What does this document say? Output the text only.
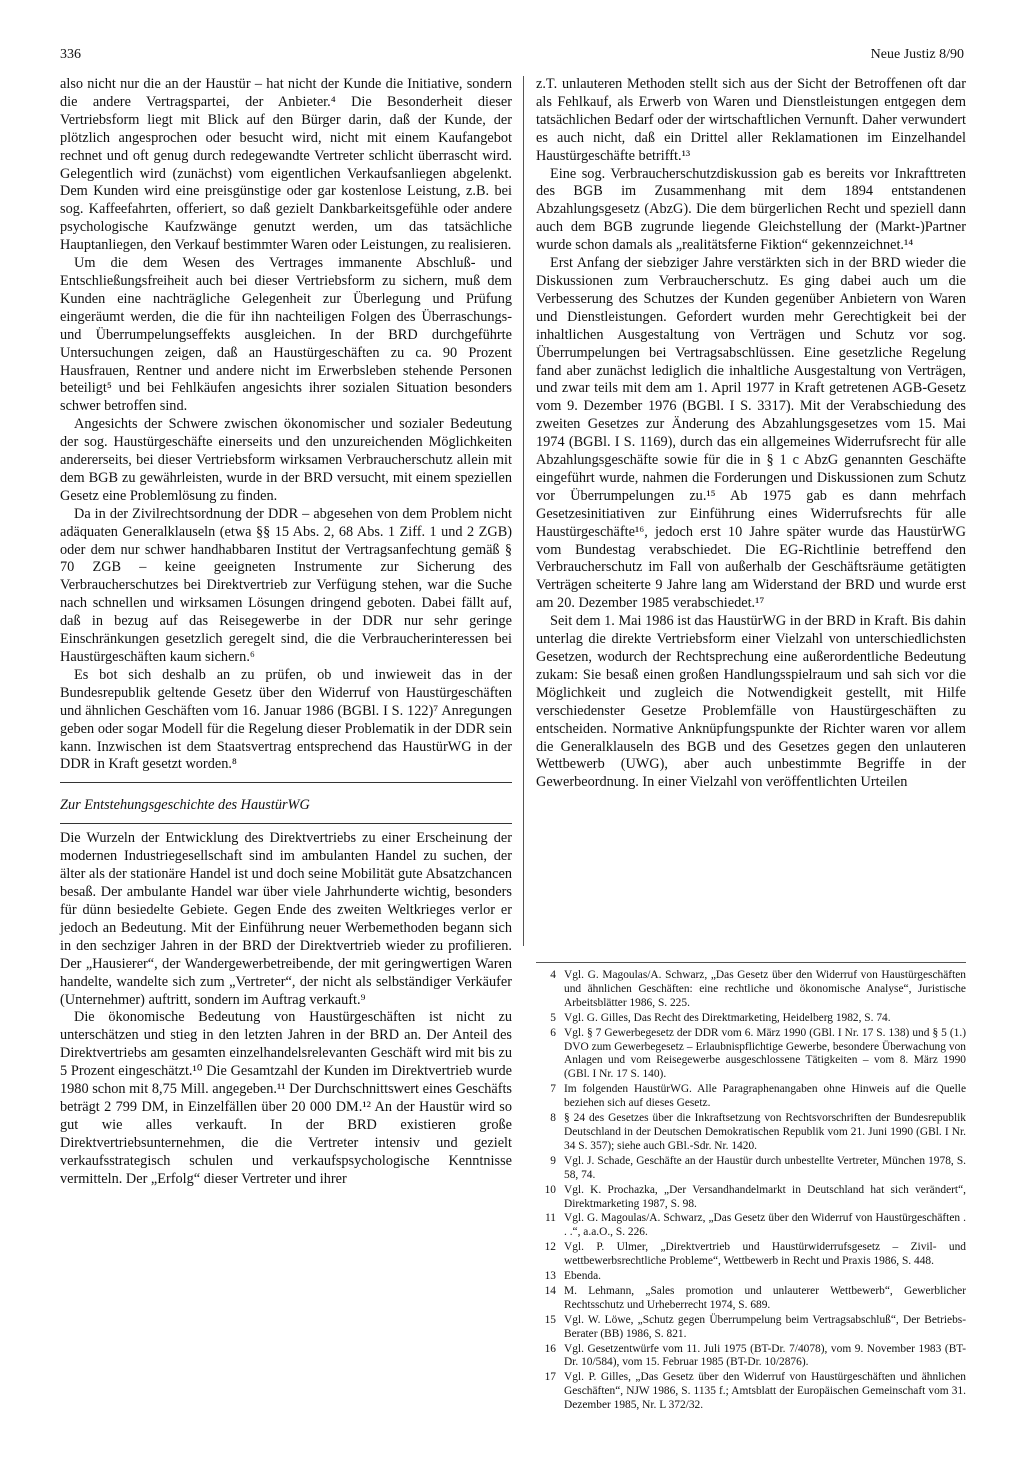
336	Neue Justiz 8/90

also nicht nur die an der Haustür – hat nicht der Kunde die Initiative, sondern die andere Vertragspartei, der Anbieter.⁴ Die Besonderheit dieser Vertriebsform liegt mit Blick auf den Bürger darin, daß der Kunde, der plötzlich angesprochen oder besucht wird, nicht mit einem Kaufangebot rechnet und oft genug durch redegewandte Vertreter schlicht überrascht wird. Gelegentlich wird (zunächst) vom eigentlichen Verkaufsanliegen abgelenkt. Dem Kunden wird eine preisgünstige oder gar kostenlose Leistung, z.B. bei sog. Kaffeefahrten, offeriert, so daß gezielt Dankbarkeitsgefühle oder andere psychologische Kaufzwänge genutzt werden, um das tatsächliche Hauptanliegen, den Verkauf bestimmter Waren oder Leistungen, zu realisieren.

Um die dem Wesen des Vertrages immanente Abschluß- und Entschließungsfreiheit auch bei dieser Vertriebsform zu sichern, muß dem Kunden eine nachträgliche Gelegenheit zur Überlegung und Prüfung eingeräumt werden, die die für ihn nachteiligen Folgen des Überraschungs- und Überrumpelungseffekts ausgleichen. In der BRD durchgeführte Untersuchungen zeigen, daß an Haustürgeschäften zu ca. 90 Prozent Hausfrauen, Rentner und andere nicht im Erwerbsleben stehende Personen beteiligt⁵ und bei Fehlkäufen angesichts ihrer sozialen Situation besonders schwer betroffen sind.

Angesichts der Schwere zwischen ökonomischer und sozialer Bedeutung der sog. Haustürgeschäfte einerseits und den unzureichenden Möglichkeiten andererseits, bei dieser Vertriebsform wirksamen Verbraucherschutz allein mit dem BGB zu gewährleisten, wurde in der BRD versucht, mit einem speziellen Gesetz eine Problemlösung zu finden.

Da in der Zivilrechtsordnung der DDR – abgesehen von dem Problem nicht adäquaten Generalklauseln (etwa §§ 15 Abs. 2, 68 Abs. 1 Ziff. 1 und 2 ZGB) oder dem nur schwer handhabbaren Institut der Vertragsanfechtung gemäß § 70 ZGB – keine geeigneten Instrumente zur Sicherung des Verbraucherschutzes bei Direktvertrieb zur Verfügung stehen, war die Suche nach schnellen und wirksamen Lösungen dringend geboten. Dabei fällt auf, daß in bezug auf das Reisegewerbe in der DDR nur sehr geringe Einschränkungen gesetzlich geregelt sind, die die Verbraucherinteressen bei Haustürgeschäften kaum sichern.⁶

Es bot sich deshalb an zu prüfen, ob und inwieweit das in der Bundesrepublik geltende Gesetz über den Widerruf von Haustürgeschäften und ähnlichen Geschäften vom 16. Januar 1986 (BGBl. I S. 122)⁷ Anregungen geben oder sogar Modell für die Regelung dieser Problematik in der DDR sein kann. Inzwischen ist dem Staatsvertrag entsprechend das HaustürWG in der DDR in Kraft gesetzt worden.⁸

Zur Entstehungsgeschichte des HaustürWG

Die Wurzeln der Entwicklung des Direktvertriebs zu einer Erscheinung der modernen Industriegesellschaft sind im ambulanten Handel zu suchen, der älter als der stationäre Handel ist und doch seine Mobilität gute Absatzchancen besaß. Der ambulante Handel war über viele Jahrhunderte wichtig, besonders für dünn besiedelte Gebiete. Gegen Ende des zweiten Weltkrieges verlor er jedoch an Bedeutung. Mit der Einführung neuer Werbemethoden begann sich in den sechziger Jahren in der BRD der Direktvertrieb wieder zu profilieren. Der „Hausierer“, der Wandergewerbetreibende, der mit geringwertigen Waren handelte, wandelte sich zum „Vertreter“, der nicht als selbständiger Verkäufer (Unternehmer) auftritt, sondern im Auftrag verkauft.⁹

Die ökonomische Bedeutung von Haustürgeschäften ist nicht zu unterschätzen und stieg in den letzten Jahren in der BRD an. Der Anteil des Direktvertriebs am gesamten einzelhandelsrelevanten Geschäft wird mit bis zu 5 Prozent eingeschätzt.¹⁰ Die Gesamtzahl der Kunden im Direktvertrieb wurde 1980 schon mit 8,75 Mill. angegeben.¹¹ Der Durchschnittswert eines Geschäfts beträgt 2 799 DM, in Einzelfällen über 20 000 DM.¹² An der Haustür wird so gut wie alles verkauft. In der BRD existieren große Direktvertriebsunternehmen, die die Vertreter intensiv und gezielt verkaufsstrategisch schulen und verkaufspsychologische Kenntnisse vermitteln. Der „Erfolg“ dieser Vertreter und ihrer

z.T. unlauteren Methoden stellt sich aus der Sicht der Betroffenen oft dar als Fehlkauf, als Erwerb von Waren und Dienstleistungen entgegen dem tatsächlichen Bedarf oder der wirtschaftlichen Vernunft. Daher verwundert es auch nicht, daß ein Drittel aller Reklamationen im Einzelhandel Haustürgeschäfte betrifft.¹³

Eine sog. Verbraucherschutzdiskussion gab es bereits vor Inkrafttreten des BGB im Zusammenhang mit dem 1894 entstandenen Abzahlungsgesetz (AbzG). Die dem bürgerlichen Recht und speziell dann auch dem BGB zugrunde liegende Gleichstellung der (Markt-)Partner wurde schon damals als „realitätsferne Fiktion“ gekennzeichnet.¹⁴

Erst Anfang der siebziger Jahre verstärkten sich in der BRD wieder die Diskussionen zum Verbraucherschutz. Es ging dabei auch um die Verbesserung des Schutzes der Kunden gegenüber Anbietern von Waren und Dienstleistungen. Gefordert wurden mehr Gerechtigkeit bei der inhaltlichen Ausgestaltung von Verträgen und Schutz vor sog. Überrumpelungen bei Vertragsabschlüssen. Eine gesetzliche Regelung fand aber zunächst lediglich die inhaltliche Ausgestaltung von Verträgen, und zwar teils mit dem am 1. April 1977 in Kraft getretenen AGB-Gesetz vom 9. Dezember 1976 (BGBl. I S. 3317). Mit der Verabschiedung des zweiten Gesetzes zur Änderung des Abzahlungsgesetzes vom 15. Mai 1974 (BGBl. I S. 1169), durch das ein allgemeines Widerrufsrecht für alle Abzahlungsgeschäfte sowie für die in § 1 c AbzG genannten Geschäfte eingeführt wurde, nahmen die Forderungen und Diskussionen zum Schutz vor Überrumpelungen zu.¹⁵ Ab 1975 gab es dann mehrfach Gesetzesinitiativen zur Einführung eines Widerrufsrechts für alle Haustürgeschäfte¹⁶, jedoch erst 10 Jahre später wurde das HaustürWG vom Bundestag verabschiedet. Die EG-Richtlinie betreffend den Verbraucherschutz im Fall von außerhalb der Geschäftsräume getätigten Verträgen scheiterte 9 Jahre lang am Widerstand der BRD und wurde erst am 20. Dezember 1985 verabschiedet.¹⁷

Seit dem 1. Mai 1986 ist das HaustürWG in der BRD in Kraft. Bis dahin unterlag die direkte Vertriebsform einer Vielzahl von unterschiedlichsten Gesetzen, wodurch der Rechtsprechung eine außerordentliche Bedeutung zukam: Sie besaß einen großen Handlungsspielraum und sah sich vor die Möglichkeit und zugleich die Notwendigkeit gestellt, mit Hilfe verschiedenster Gesetze Problemfälle von Haustürgeschäften zu entscheiden. Normative Anknüpfungspunkte der Richter waren vor allem die Generalklauseln des BGB und des Gesetzes gegen den unlauteren Wettbewerb (UWG), aber auch unbestimmte Begriffe in der Gewerbeordnung. In einer Vielzahl von veröffentlichten Urteilen

4 Vgl. G. Magoulas/A. Schwarz, „Das Gesetz über den Widerruf von Haustürgeschäften und ähnlichen Geschäften: eine rechtliche und ökonomische Analyse“, Juristische Arbeitsblätter 1986, S. 225.
5 Vgl. G. Gilles, Das Recht des Direktmarketing, Heidelberg 1982, S. 74.
6 Vgl. § 7 Gewerbegesetz der DDR vom 6. März 1990 (GBl. I Nr. 17 S. 138) und § 5 (1.) DVO zum Gewerbegesetz – Erlaubnispflichtige Gewerbe, besondere Überwachung von Anlagen und vom Reisegewerbe ausgeschlossene Tätigkeiten – vom 8. März 1990 (GBl. I Nr. 17 S. 140).
7 Im folgenden HaustürWG. Alle Paragraphenangaben ohne Hinweis auf die Quelle beziehen sich auf dieses Gesetz.
8 § 24 des Gesetzes über die Inkraftsetzung von Rechtsvorschriften der Bundesrepublik Deutschland in der Deutschen Demokratischen Republik vom 21. Juni 1990 (GBl. I Nr. 34 S. 357); siehe auch GBl.-Sdr. Nr. 1420.
9 Vgl. J. Schade, Geschäfte an der Haustür durch unbestellte Vertreter, München 1978, S. 58, 74.
10 Vgl. K. Prochazka, „Der Versandhandelmarkt in Deutschland hat sich verändert“, Direktmarketing 1987, S. 98.
11 Vgl. G. Magoulas/A. Schwarz, „Das Gesetz über den Widerruf von Haustürgeschäften . . .“, a.a.O., S. 226.
12 Vgl. P. Ulmer, „Direktvertrieb und Haustürwiderrufsgesetz – Zivil- und wettbewerbsrechtliche Probleme“, Wettbewerb in Recht und Praxis 1986, S. 448.
13 Ebenda.
14 M. Lehmann, „Sales promotion und unlauterer Wettbewerb“, Gewerblicher Rechtsschutz und Urheberrecht 1974, S. 689.
15 Vgl. W. Löwe, „Schutz gegen Überrumpelung beim Vertragsabschluß“, Der Betriebs-Berater (BB) 1986, S. 821.
16 Vgl. Gesetzentwürfe vom 11. Juli 1975 (BT-Dr. 7/4078), vom 9. November 1983 (BT-Dr. 10/584), vom 15. Februar 1985 (BT-Dr. 10/2876).
17 Vgl. P. Gilles, „Das Gesetz über den Widerruf von Haustürgeschäften und ähnlichen Geschäften“, NJW 1986, S. 1135 f.; Amtsblatt der Europäischen Gemeinschaft vom 31. Dezember 1985, Nr. L 372/32.
